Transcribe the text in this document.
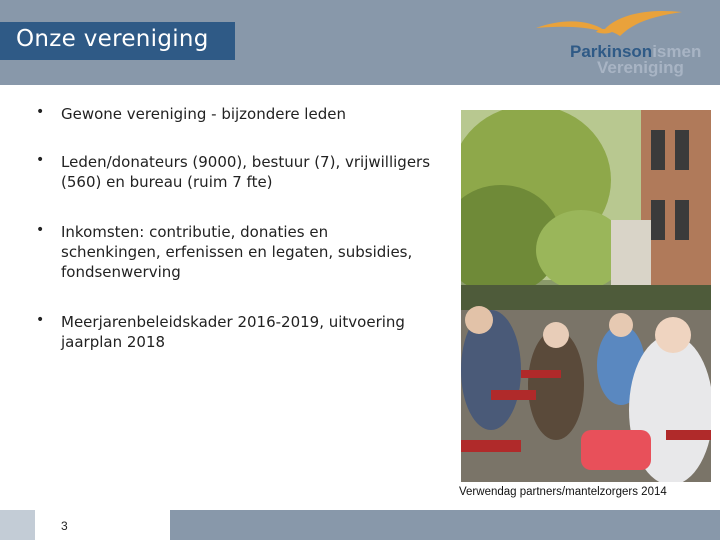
Onze vereniging	Parkinsonismen
Vereniging
• Gewone vereniging - bijzondere leden
• Leden/donateurs (9000), bestuur (7), vrijwilligers (560) en bureau (ruim 7 fte)
• Inkomsten: contributie, donaties en schenkingen, erfenissen en legaten, subsidies, fondsenwerving
• Meerjarenbeleidskader 2016-2019, uitvoering jaarplan 2018
Verwendag partners/mantelzorgers 2014
3
